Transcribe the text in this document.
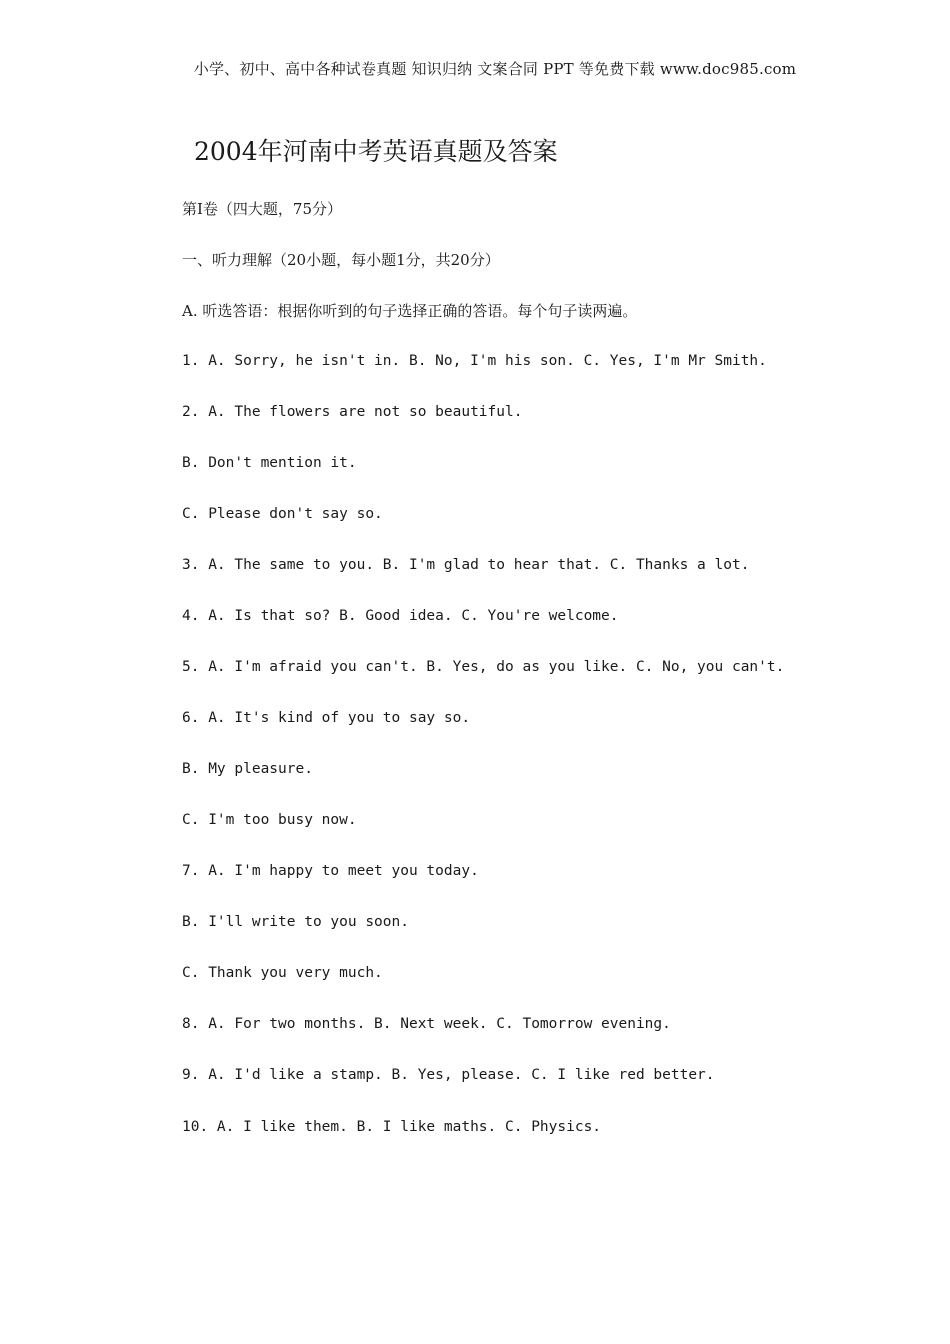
小学、初中、高中各种试卷真题 知识归纳 文案合同 PPT 等免费下载 www.doc985.com
2004年河南中考英语真题及答案
第I卷（四大题，75分）
一、听力理解（20小题，每小题1分，共20分）
A. 听选答语：根据你听到的句子选择正确的答语。每个句子读两遍。
1. A. Sorry, he isn't in. B. No, I'm his son. C. Yes, I'm Mr Smith.
2. A. The flowers are not so beautiful.
B. Don't mention it.
C. Please don't say so.
3. A. The same to you. B. I'm glad to hear that. C. Thanks a lot.
4. A. Is that so? B. Good idea. C. You're welcome.
5. A. I'm afraid you can't. B. Yes, do as you like. C. No, you can't.
6. A. It's kind of you to say so.
B. My pleasure.
C. I'm too busy now.
7. A. I'm happy to meet you today.
B. I'll write to you soon.
C. Thank you very much.
8. A. For two months. B. Next week. C. Tomorrow evening.
9. A. I'd like a stamp. B. Yes, please. C. I like red better.
10. A. I like them. B. I like maths. C. Physics.
